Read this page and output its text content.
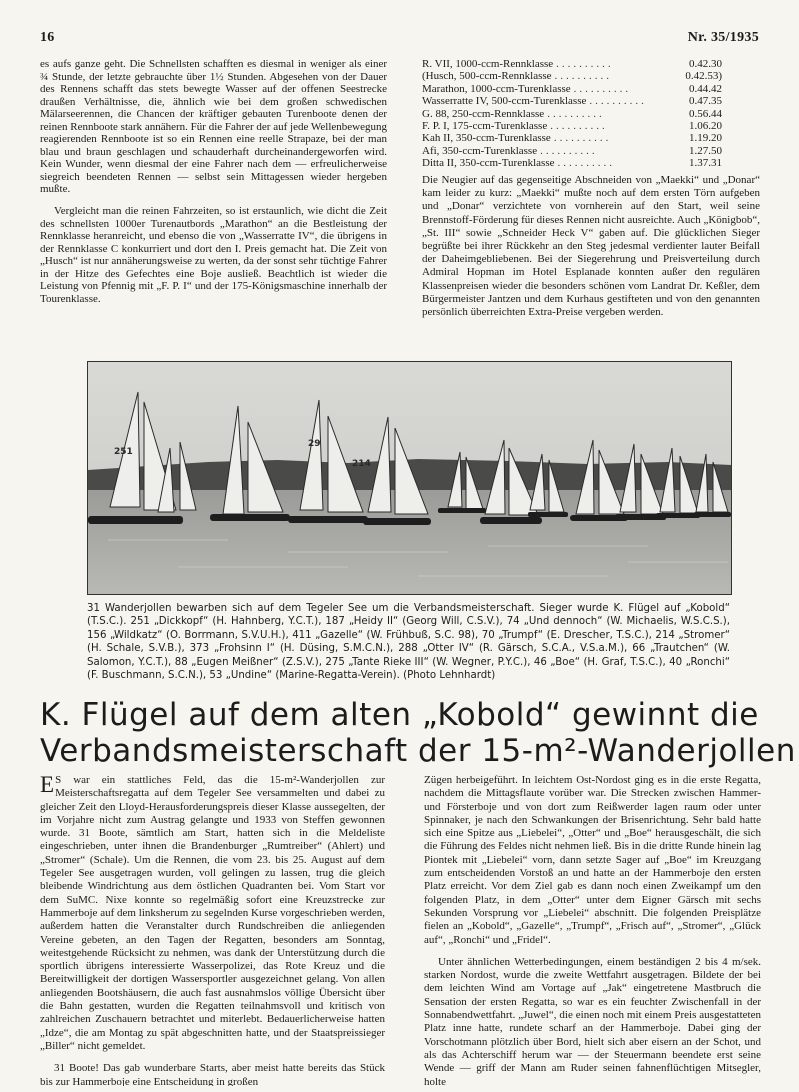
16	Nr. 35/1935

es aufs ganze geht. Die Schnellsten schafften es diesmal in weniger als einer ¾ Stunde, der letzte gebrauchte über 1½ Stunden. Abgesehen von der Dauer des Rennens schafft das stets bewegte Wasser auf der offenen Seestrecke draußen Verhältnisse, die, ähnlich wie bei dem großen schwedischen Mälarseerennen, die Chancen der kräftiger gebauten Turenboote denen der reinen Rennboote stark annähern. Für die Fahrer der auf jede Wellenbewegung reagierenden Rennboote ist so ein Rennen eine reelle Strapaze, bei der man blau und braun geschlagen und schauderhaft durcheinandergeworfen wird. Kein Wunder, wenn diesmal der eine Fahrer nach dem — erfreulicherweise siegreich beendeten Rennen — selbst sein Mittagessen wieder hergeben mußte.

Vergleicht man die reinen Fahrzeiten, so ist erstaunlich, wie dicht die Zeit des schnellsten 1000er Turenautbords „Marathon“ an die Bestleistung der Rennklasse heranreicht, und ebenso die von „Wasserratte IV“, die übrigens in der Rennklasse C konkurriert und dort den I. Preis gemacht hat. Die Zeit von „Husch“ ist nur annäherungsweise zu werten, da der sonst sehr tüchtige Fahrer in der Hitze des Gefechtes eine Boje ausließ. Beachtlich ist wieder die Leistung von Pfennig mit „F. P. I“ und der 175-Königsmaschine innerhalb der Tourenklasse.

R. VII, 1000-ccm-Rennklasse ..........	0.42.30
(Husch, 500-ccm-Rennklasse ..........	0.42.53)
Marathon, 1000-ccm-Turenklasse ..........	0.44.42
Wasserratte IV, 500-ccm-Turenklasse ..........	0.47.35
G. 88, 250-ccm-Rennklasse ..........	0.56.44
F. P. I, 175-ccm-Turenklasse ..........	1.06.20
Kah II, 350-ccm-Turenklasse ..........	1.19.20
Afi, 350-ccm-Turenklasse ..........	1.27.50
Ditta II, 350-ccm-Turenklasse ..........	1.37.31

Die Neugier auf das gegenseitige Abschneiden von „Maekki“ und „Donar“ kam leider zu kurz: „Maekki“ mußte noch auf dem ersten Törn aufgeben und „Donar“ verzichtete von vornherein auf den Start, weil seine Brennstoff-Förderung für dieses Rennen nicht ausreichte. Auch „Königbob“, „St. III“ sowie „Schneider Heck V“ gaben auf. Die glücklichen Sieger begrüßte bei ihrer Rückkehr an den Steg jedesmal verdienter lauter Beifall der Daheimgebliebenen. Bei der Siegerehrung und Preisverteilung durch Admiral Hopman im Hotel Esplanade konnten außer den regulären Klassenpreisen wieder die besonders schönen vom Landrat Dr. Keßler, dem Bürgermeister Jantzen und dem Kurhaus gestifteten und von den genannten persönlich überreichten Extra-Preise vergeben werden.

251
214
29
31 Wanderjollen bewarben sich auf dem Tegeler See um die Verbandsmeisterschaft. Sieger wurde K. Flügel auf „Kobold“ (T.S.C.). 251 „Dickkopf“ (H. Hahnberg, Y.C.T.), 187 „Heidy II“ (Georg Will, C.S.V.), 74 „Und dennoch“ (W. Michaelis, W.S.C.S.), 156 „Wildkatz“ (O. Borrmann, S.V.U.H.), 411 „Gazelle“ (W. Frühbuß, S.C. 98), 70 „Trumpf“ (E. Drescher, T.S.C.), 214 „Stromer“ (H. Schale, S.V.B.), 373 „Frohsinn I“ (H. Düsing, S.M.C.N.), 288 „Otter IV“ (R. Gärsch, S.C.A., V.S.a.M.), 66 „Trautchen“ (W. Salomon, Y.C.T.), 88 „Eugen Meißner“ (Z.S.V.), 275 „Tante Rieke III“ (W. Wegner, P.Y.C.), 46 „Boe“ (H. Graf, T.S.C.), 40 „Ronchi“ (F. Buschmann, S.C.N.), 53 „Undine“ (Marine-Regatta-Verein). (Photo Lehnhardt)
K. Flügel auf dem alten „Kobold“ gewinnt die
Verbandsmeisterschaft der 15-m²-Wanderjollen

E S war ein stattliches Feld, das die 15-m²-Wanderjollen zur Meisterschaftsregatta auf dem Tegeler See versammelten und dabei zu gleicher Zeit den Lloyd-Herausforderungspreis dieser Klasse aussegelten, der im Vorjahre nicht zum Austrag gelangte und 1933 von Steffen gewonnen wurde. 31 Boote, sämtlich am Start, hatten sich in die Meldeliste eingeschrieben, unter ihnen die Brandenburger „Rumtreiber“ (Ahlert) und „Stromer“ (Schale). Um die Rennen, die vom 23. bis 25. August auf dem Tegeler See ausgetragen wurden, voll gelingen zu lassen, trug die gleich bleibende Windrichtung aus dem östlichen Quadranten bei. Vom Start vor dem SuMC. Nixe konnte so regelmäßig sofort eine Kreuzstrecke zur Hammerboje auf dem linksherum zu segelnden Kurse vorgeschrieben werden, außerdem hatten die Veranstalter durch Rundschreiben die anliegenden Vereine gebeten, an den Tagen der Regatten, besonders am Sonntag, weitestgehende Rücksicht zu nehmen, was dank der Unterstützung durch die sportlich übrigens interessierte Wasserpolizei, das Rote Kreuz und die Bereitwilligkeit der dortigen Wassersportler ausgezeichnet gelang. Von allen anliegenden Bootshäusern, die auch fast ausnahmslos völlige Übersicht über die Bahn gestatten, wurden die Regatten teilnahmsvoll und kritisch von zahlreichen Zuschauern betrachtet und miterlebt. Bedauerlicherweise hatten „Idze“, die am Montag zu spät abgeschnitten hatte, und der Staatspreissieger „Biller“ nicht gemeldet.

31 Boote! Das gab wunderbare Starts, aber meist hatte bereits das Stück bis zur Hammerboje eine Entscheidung in großen

Zügen herbeigeführt. In leichtem Ost-Nordost ging es in die erste Regatta, nachdem die Mittagsflaute vorüber war. Die Strecken zwischen Hammer- und Försterboje und von dort zum Reißwerder lagen raum oder unter Spinnaker, je nach den Schwankungen der Brisenrichtung. Sehr bald hatte sich eine Spitze aus „Liebelei“, „Otter“ und „Boe“ herausgeschält, die sich die Führung des Feldes nicht nehmen ließ. Bis in die dritte Runde hinein lag Piontek mit „Liebelei“ vorn, dann setzte Sager auf „Boe“ im Kreuzgang zum entscheidenden Vorstoß an und hatte an der Hammerboje den ersten Platz erreicht. Vor dem Ziel gab es dann noch einen Zweikampf um den folgenden Platz, in dem „Otter“ unter dem Eigner Gärsch mit sechs Sekunden Vorsprung vor „Liebelei“ abschnitt. Die folgenden Preisplätze fielen an „Kobold“, „Gazelle“, „Trumpf“, „Frisch auf“, „Stromer“, „Glück auf“, „Ronchi“ und „Fridel“.

Unter ähnlichen Wetterbedingungen, einem beständigen 2 bis 4 m/sek. starken Nordost, wurde die zweite Wettfahrt ausgetragen. Bildete der bei dem leichten Wind am Vortage auf „Jak“ eingetretene Mastbruch die Sensation der ersten Regatta, so war es ein feuchter Zwischenfall in der Sonnabendwettfahrt. „Juwel“, die einen noch mit einem Preis ausgestatteten Platz inne hatte, rundete scharf an der Hammerboje. Dabei ging der Vorschotmann plötzlich über Bord, hielt sich aber eisern an der Schot, und als das Achterschiff herum war — der Steuermann beendete erst seine Wende — griff der Mann am Ruder seinen fahnenflüchtigen Mitsegler, holte
